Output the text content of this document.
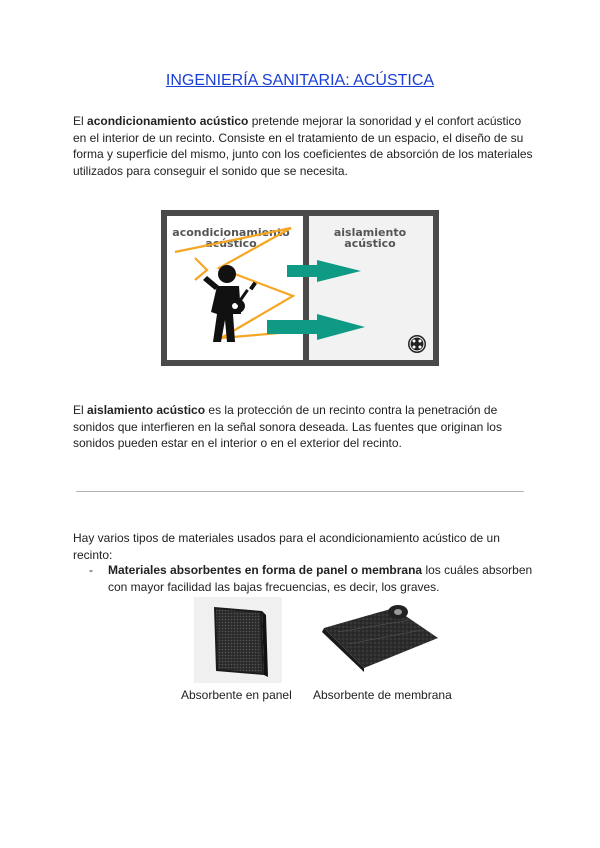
INGENIERÍA SANITARIA: ACÚSTICA

El acondicionamiento acústico pretende mejorar la sonoridad y el confort acústico en el interior de un recinto. Consiste en el tratamiento de un espacio, el diseño de su forma y superficie del mismo, junto con los coeficientes de absorción de los materiales utilizados para conseguir el sonido que se necesita.

acondicionamiento
acústico
aislamiento
acústico

El aislamiento acústico es la protección de un recinto contra la penetración de sonidos que interfieren en la señal sonora deseada. Las fuentes que originan los sonidos pueden estar en el interior o en el exterior del recinto.

Hay varios tipos de materiales usados para el acondicionamiento acústico de un recinto:

- Materiales absorbentes en forma de panel o membrana los cuáles absorben con mayor facilidad las bajas frecuencias, es decir, los graves.
Absorbente en panel Absorbente de membrana
